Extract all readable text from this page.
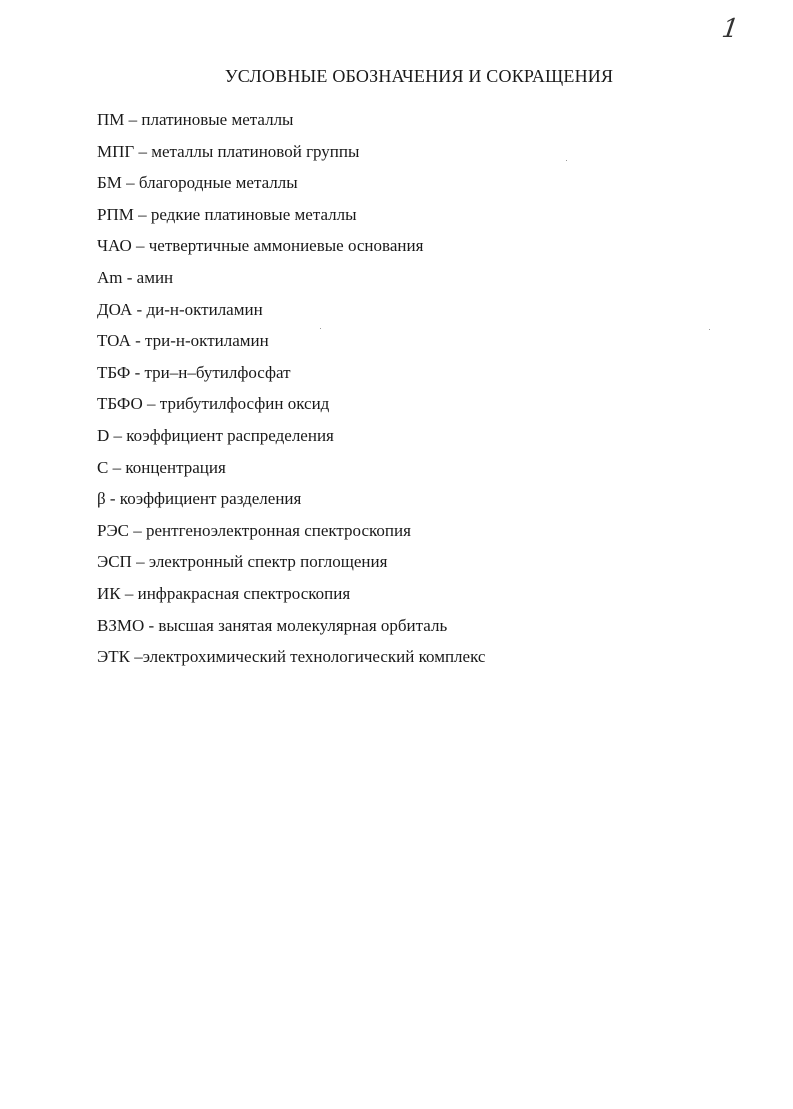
1
УСЛОВНЫЕ ОБОЗНАЧЕНИЯ И СОКРАЩЕНИЯ
ПМ – платиновые металлы
МПГ – металлы платиновой группы
БМ – благородные металлы
РПМ – редкие платиновые металлы
ЧАО – четвертичные аммониевые основания
Am - амин
ДОА - ди-н-октиламин
ТОА - три-н-октиламин
ТБФ - три–н–бутилфосфат
ТБФО – трибутилфосфин оксид
D – коэффициент распределения
С – концентрация
β - коэффициент разделения
РЭС – рентгеноэлектронная спектроскопия
ЭСП – электронный спектр поглощения
ИК – инфракрасная спектроскопия
ВЗМО - высшая занятая молекулярная орбиталь
ЭТК –электрохимический технологический комплекс
